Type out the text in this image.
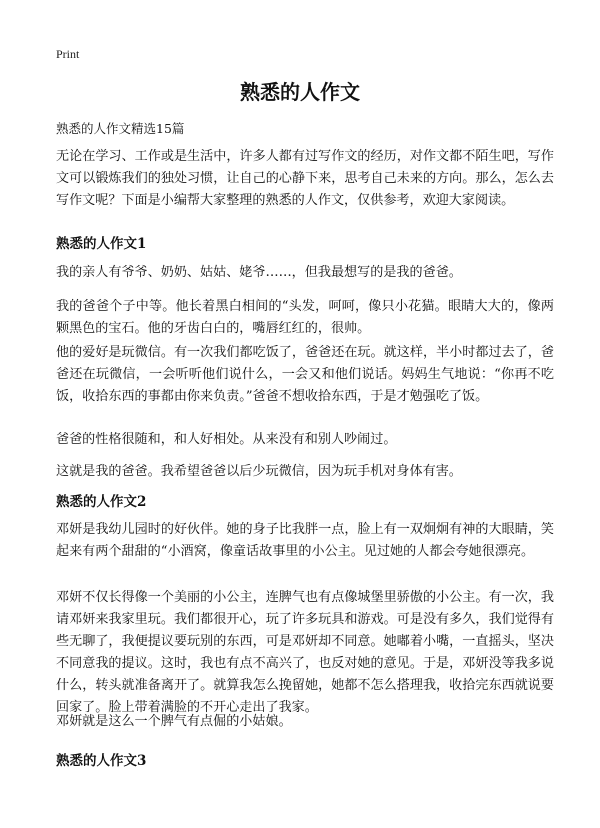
Print
熟悉的人作文

熟悉的人作文精选15篇

无论在学习、工作或是生活中，许多人都有过写作文的经历，对作文都不陌生吧，写作文可以锻炼我们的独处习惯，让自己的心静下来，思考自己未来的方向。那么，怎么去写作文呢？下面是小编帮大家整理的熟悉的人作文，仅供参考，欢迎大家阅读。

熟悉的人作文1

我的亲人有爷爷、奶奶、姑姑、姥爷……，但我最想写的是我的爸爸。

我的爸爸个子中等。他长着黑白相间的“头发，呵呵，像只小花猫。眼睛大大的，像两颗黑色的宝石。他的牙齿白白的，嘴唇红红的，很帅。

他的爱好是玩微信。有一次我们都吃饭了，爸爸还在玩。就这样，半小时都过去了，爸爸还在玩微信，一会听听他们说什么，一会又和他们说话。妈妈生气地说：“你再不吃饭，收拾东西的事都由你来负责。”爸爸不想收拾东西，于是才勉强吃了饭。

爸爸的性格很随和，和人好相处。从来没有和别人吵闹过。

这就是我的爸爸。我希望爸爸以后少玩微信，因为玩手机对身体有害。

熟悉的人作文2

邓妍是我幼儿园时的好伙伴。她的身子比我胖一点，脸上有一双炯炯有神的大眼睛，笑起来有两个甜甜的“小酒窝，像童话故事里的小公主。见过她的人都会夸她很漂亮。

邓妍不仅长得像一个美丽的小公主，连脾气也有点像城堡里骄傲的小公主。有一次，我请邓妍来我家里玩。我们都很开心，玩了许多玩具和游戏。可是没有多久，我们觉得有些无聊了，我便提议要玩别的东西，可是邓妍却不同意。她嘟着小嘴，一直摇头，坚决不同意我的提议。这时，我也有点不高兴了，也反对她的意见。于是，邓妍没等我多说什么，转头就准备离开了。就算我怎么挽留她，她都不怎么搭理我，收拾完东西就说要回家了。脸上带着满脸的不开心走出了我家。

邓妍就是这么一个脾气有点倔的小姑娘。

熟悉的人作文3
